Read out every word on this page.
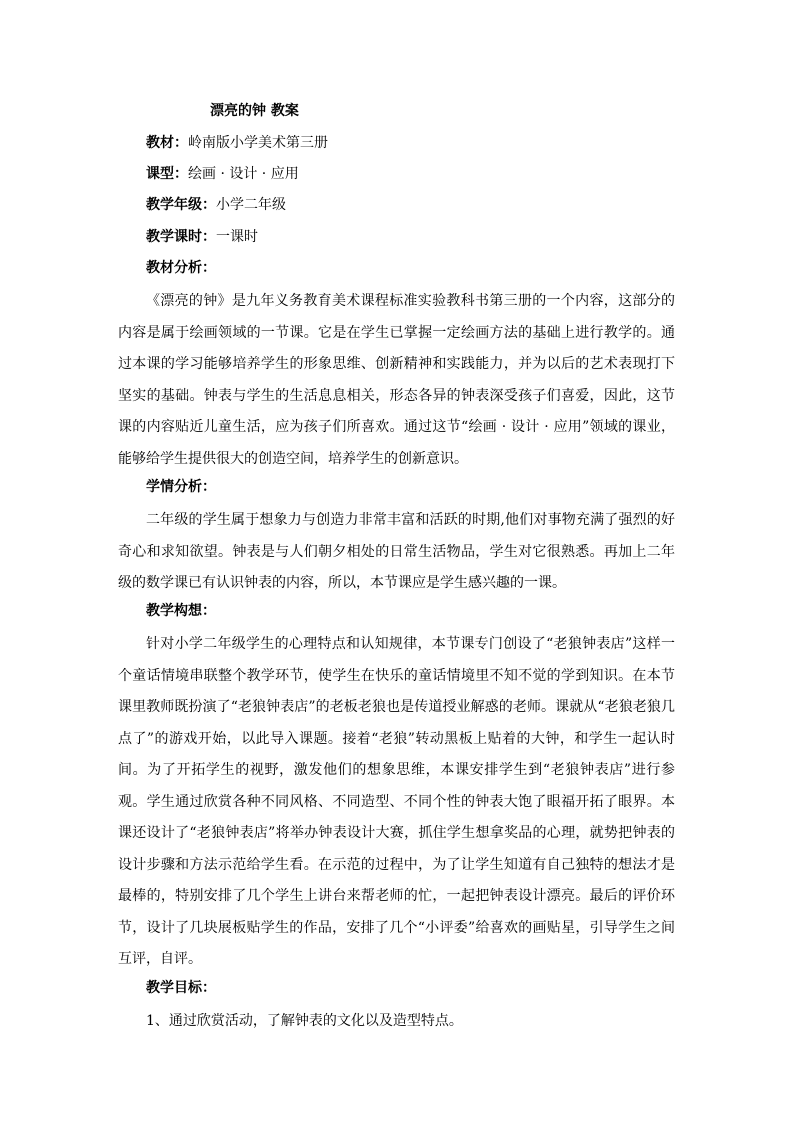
漂亮的钟 教案
教材：岭南版小学美术第三册
课型：绘画 · 设计 · 应用
教学年级：小学二年级
教学课时：一课时
教材分析：
《漂亮的钟》是九年义务教育美术课程标准实验教科书第三册的一个内容，这部分的内容是属于绘画领域的一节课。它是在学生已掌握一定绘画方法的基础上进行教学的。通过本课的学习能够培养学生的形象思维、创新精神和实践能力，并为以后的艺术表现打下坚实的基础。钟表与学生的生活息息相关，形态各异的钟表深受孩子们喜爱，因此，这节课的内容贴近儿童生活，应为孩子们所喜欢。通过这节“绘画 · 设计 · 应用”领域的课业，能够给学生提供很大的创造空间，培养学生的创新意识。
学情分析：
二年级的学生属于想象力与创造力非常丰富和活跃的时期,他们对事物充满了强烈的好奇心和求知欲望。钟表是与人们朝夕相处的日常生活物品，学生对它很熟悉。再加上二年级的数学课已有认识钟表的内容，所以，本节课应是学生感兴趣的一课。
教学构想：
针对小学二年级学生的心理特点和认知规律，本节课专门创设了“老狼钟表店”这样一个童话情境串联整个教学环节，使学生在快乐的童话情境里不知不觉的学到知识。在本节课里教师既扮演了“老狼钟表店”的老板老狼也是传道授业解惑的老师。课就从“老狼老狼几点了”的游戏开始，以此导入课题。接着“老狼”转动黑板上贴着的大钟，和学生一起认时间。为了开拓学生的视野，激发他们的想象思维，本课安排学生到“老狼钟表店”进行参观。学生通过欣赏各种不同风格、不同造型、不同个性的钟表大饱了眼福开拓了眼界。本课还设计了“老狼钟表店”将举办钟表设计大赛，抓住学生想拿奖品的心理，就势把钟表的设计步骤和方法示范给学生看。在示范的过程中，为了让学生知道有自己独特的想法才是最棒的，特别安排了几个学生上讲台来帮老师的忙，一起把钟表设计漂亮。最后的评价环节，设计了几块展板贴学生的作品，安排了几个“小评委”给喜欢的画贴星，引导学生之间互评，自评。
教学目标：
1、通过欣赏活动，了解钟表的文化以及造型特点。
